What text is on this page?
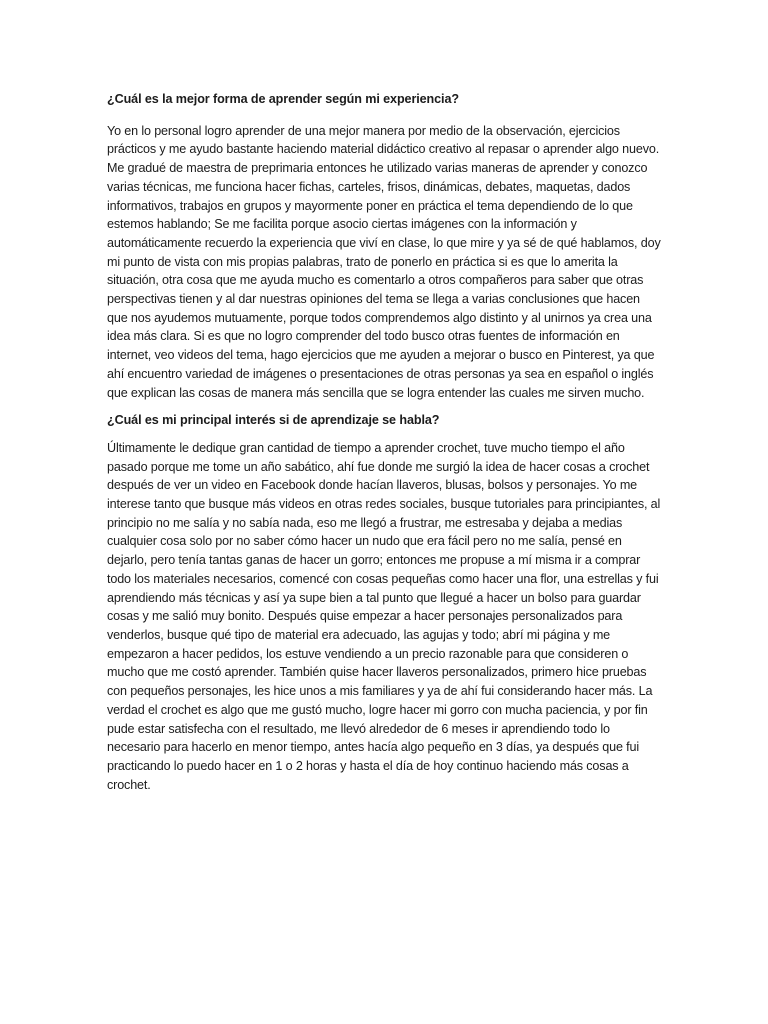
¿Cuál es la mejor forma de aprender según mi experiencia?

Yo en lo personal logro aprender de una mejor manera por medio de la observación, ejercicios prácticos y me ayudo bastante haciendo material didáctico creativo al repasar o aprender algo nuevo. Me gradué de maestra de preprimaria entonces he utilizado varias maneras de aprender y conozco varias técnicas, me funciona hacer fichas, carteles, frisos, dinámicas, debates, maquetas, dados informativos, trabajos en grupos y mayormente poner en práctica el tema dependiendo de lo que estemos hablando; Se me facilita porque asocio ciertas imágenes con la información y automáticamente recuerdo la experiencia que viví en clase, lo que mire y ya sé de qué hablamos, doy mi punto de vista con mis propias palabras, trato de ponerlo en práctica si es que lo amerita la situación, otra cosa que me ayuda mucho es comentarlo a otros compañeros para saber que otras perspectivas tienen y al dar nuestras opiniones del tema se llega a varias conclusiones que hacen que nos ayudemos mutuamente, porque todos comprendemos algo distinto y al unirnos ya crea una idea más clara. Si es que no logro comprender del todo busco otras fuentes de información en internet, veo videos del tema, hago ejercicios que me ayuden a mejorar o busco en Pinterest, ya que ahí encuentro variedad de imágenes o presentaciones de otras personas ya sea en español o inglés que explican las cosas de manera más sencilla que se logra entender las cuales me sirven mucho.

¿Cuál es mi principal interés si de aprendizaje se habla?

Últimamente le dedique gran cantidad de tiempo a aprender crochet, tuve mucho tiempo el año pasado porque me tome un año sabático, ahí fue donde me surgió la idea de hacer cosas a crochet después de ver un video en Facebook donde hacían llaveros, blusas, bolsos y personajes. Yo me interese tanto que busque más videos en otras redes sociales, busque tutoriales para principiantes, al principio no me salía y no sabía nada, eso me llegó a frustrar, me estresaba y dejaba a medias cualquier cosa solo por no saber cómo hacer un nudo que era fácil pero no me salía, pensé en dejarlo, pero tenía tantas ganas de hacer un gorro; entonces me propuse a mí misma ir a comprar todo los materiales necesarios, comencé con cosas pequeñas como hacer una flor, una estrellas y fui aprendiendo más técnicas y así ya supe bien a tal punto que llegué a hacer un bolso para guardar cosas y me salió muy bonito. Después quise empezar a hacer personajes personalizados para venderlos, busque qué tipo de material era adecuado, las agujas y todo; abrí mi página y me empezaron a hacer pedidos, los estuve vendiendo a un precio razonable para que consideren o mucho que me costó aprender. También quise hacer llaveros personalizados, primero hice pruebas con pequeños personajes, les hice unos a mis familiares y ya de ahí fui considerando hacer más. La verdad el crochet es algo que me gustó mucho, logre hacer mi gorro con mucha paciencia, y por fin pude estar satisfecha con el resultado, me llevó alrededor de 6 meses ir aprendiendo todo lo necesario para hacerlo en menor tiempo, antes hacía algo pequeño en 3 días, ya después que fui practicando lo puedo hacer en 1 o 2 horas y hasta el día de hoy continuo haciendo más cosas a crochet.
